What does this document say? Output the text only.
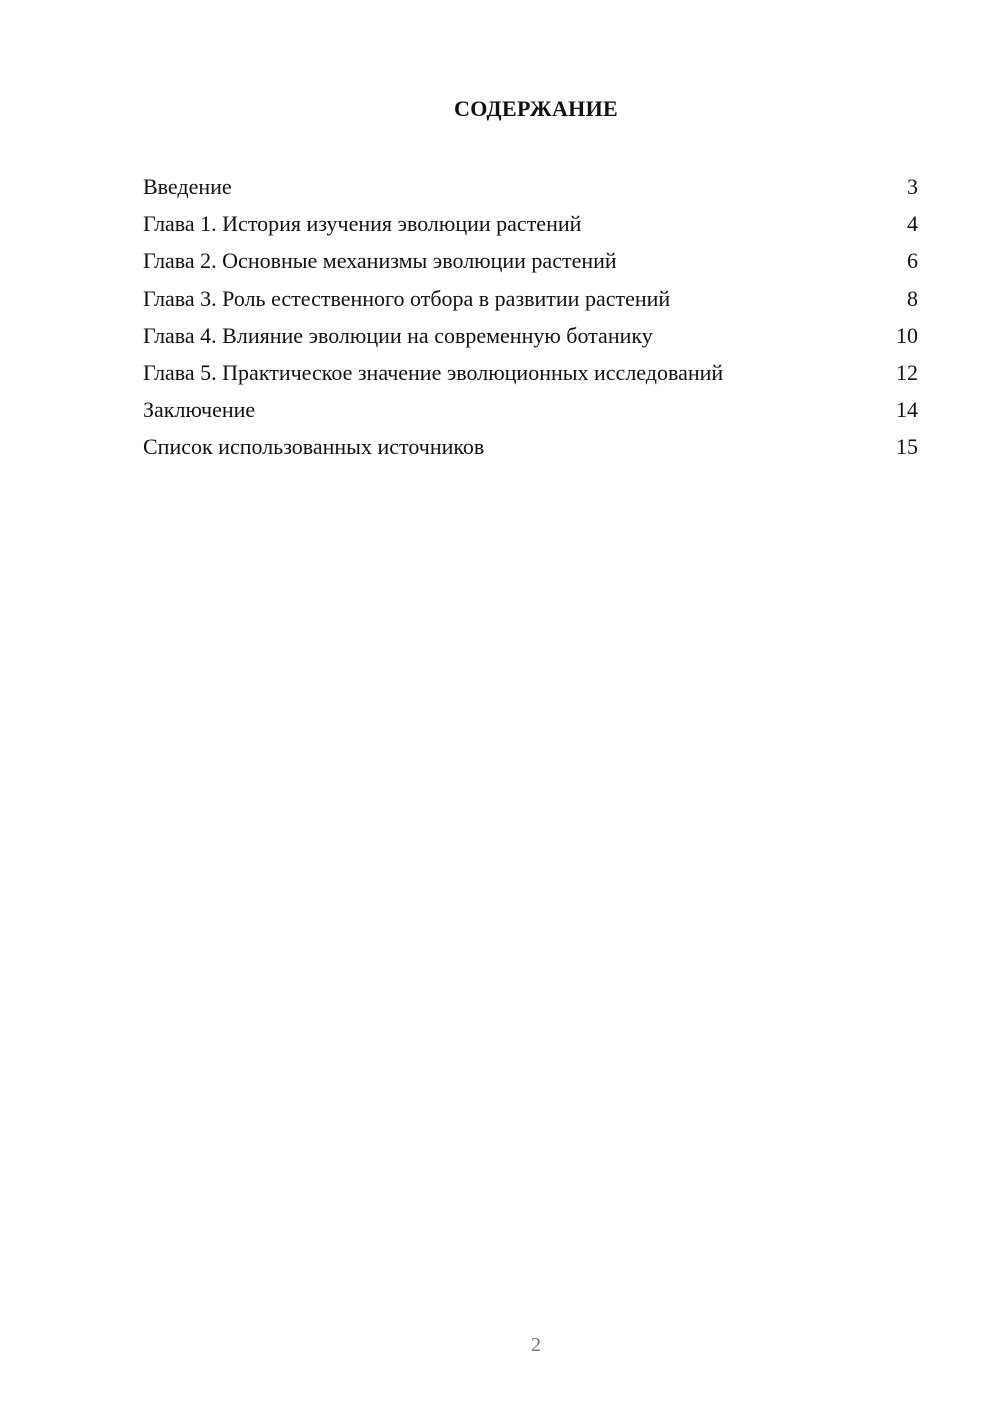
СОДЕРЖАНИЕ
Введение	3
Глава 1. История изучения эволюции растений	4
Глава 2. Основные механизмы эволюции растений	6
Глава 3. Роль естественного отбора в развитии растений	8
Глава 4. Влияние эволюции на современную ботанику	10
Глава 5. Практическое значение эволюционных исследований	12
Заключение	14
Список использованных источников	15
2
